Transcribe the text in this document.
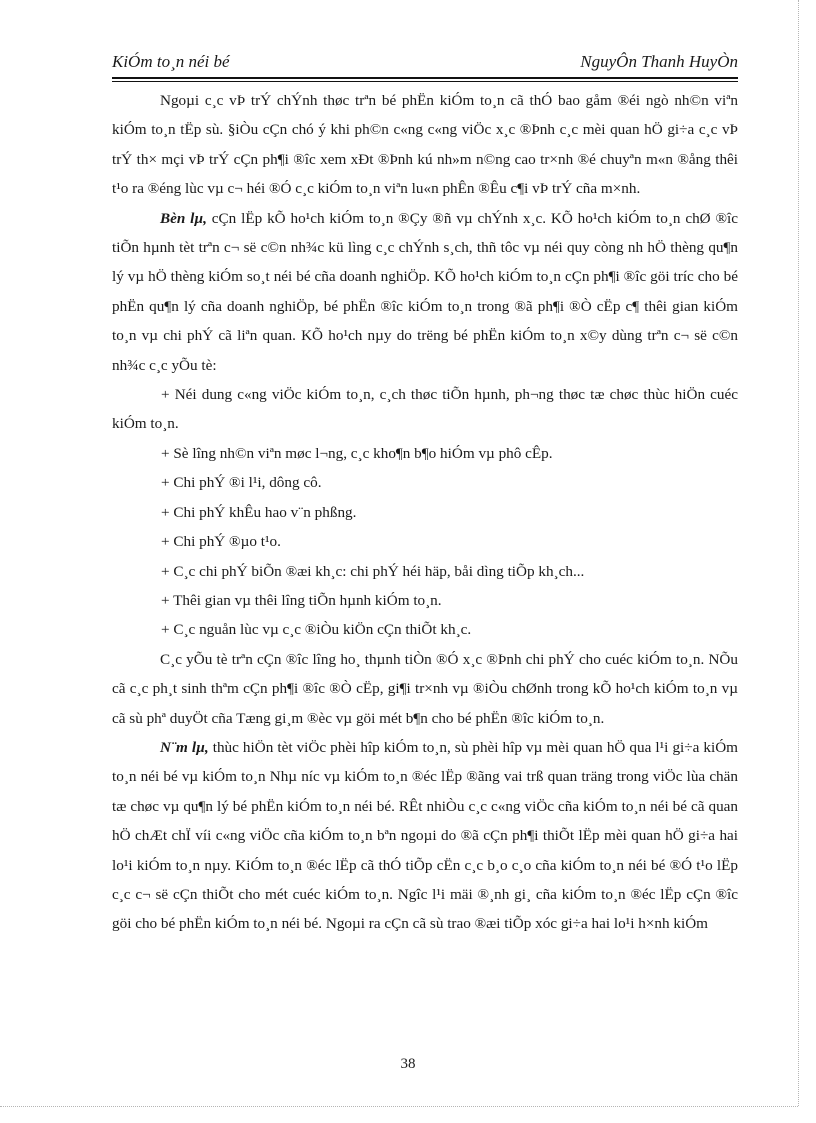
KiÓm to¸n néi bé	NguyÔn Thanh HuyÒn

Ngoµi c¸c vÞ trÝ chÝnh thøc trªn bé phËn kiÓm to¸n cã thÓ bao gåm ®éi ngò nh©n viªn kiÓm to¸n tËp sù. §iÒu cÇn chó ý khi ph©n c«ng c«ng viÖc x¸c ®Þnh c¸c mèi quan hÖ gi÷a c¸c vÞ trÝ th× mçi vÞ trÝ cÇn ph¶i ®îc xem xÐt ®Þnh kú nh»m n©ng cao tr×nh ®é chuyªn m«n ®ång thêi t¹o ra ®éng lùc vµ c¬ héi ®Ó c¸c kiÓm to¸n viªn lu«n phÊn ®Êu c¶i vÞ trÝ cña m×nh.

Bèn lµ, cÇn lËp kÕ ho¹ch kiÓm to¸n ®Çy ®ñ vµ chÝnh x¸c. KÕ ho¹ch kiÓm to¸n chØ ®îc tiÕn hµnh tèt trªn c¬ së c©n nh¾c kü lìng c¸c chÝnh s¸ch, thñ tôc vµ néi quy còng nh hÖ thèng qu¶n lý vµ hÖ thèng kiÓm so¸t néi bé cña doanh nghiÖp. KÕ ho¹ch kiÓm to¸n cÇn ph¶i ®îc göi tríc cho bé phËn qu¶n lý cña doanh nghiÖp, bé phËn ®îc kiÓm to¸n trong ®ã ph¶i ®Ò cËp c¶ thêi gian kiÓm to¸n vµ chi phÝ cã liªn quan. KÕ ho¹ch nµy do trëng bé phËn kiÓm to¸n x©y dùng trªn c¬ së c©n nh¾c c¸c yÕu tè:

+ Néi dung c«ng viÖc kiÓm to¸n, c¸ch thøc tiÕn hµnh, ph¬ng thøc tæ chøc thùc hiÖn cuéc kiÓm to¸n.

+ Sè lîng nh©n viªn møc l¬ng, c¸c kho¶n b¶o hiÓm vµ phô cÊp.

+ Chi phÝ ®i l¹i, dông cô.

+ Chi phÝ khÊu hao v¨n phßng.

+ Chi phÝ ®µo t¹o.

+ C¸c chi phÝ biÕn ®æi kh¸c: chi phÝ héi häp, båi dìng tiÕp kh¸ch...

+ Thêi gian vµ thêi lîng tiÕn hµnh kiÓm to¸n.

+ C¸c nguån lùc vµ c¸c ®iÒu kiÖn cÇn thiÕt kh¸c.

C¸c yÕu tè trªn cÇn ®îc lîng ho¸ thµnh tiÒn ®Ó x¸c ®Þnh chi phÝ cho cuéc kiÓm to¸n. NÕu cã c¸c ph¸t sinh thªm cÇn ph¶i ®îc ®Ò cËp, gi¶i tr×nh vµ ®iÒu chØnh trong kÕ ho¹ch kiÓm to¸n vµ cã sù phª duyÖt cña Tæng gi¸m ®èc vµ göi mét b¶n cho bé phËn ®îc kiÓm to¸n.

N¨m lµ, thùc hiÖn tèt viÖc phèi hîp kiÓm to¸n, sù phèi hîp vµ mèi quan hÖ qua l¹i gi÷a kiÓm to¸n néi bé vµ kiÓm to¸n Nhµ níc vµ kiÓm to¸n ®éc lËp ®ãng vai trß quan träng trong viÖc lùa chän tæ chøc vµ qu¶n lý bé phËn kiÓm to¸n néi bé. RÊt nhiÒu c¸c c«ng viÖc cña kiÓm to¸n néi bé cã quan hÖ chÆt chÏ víi c«ng viÖc cña kiÓm to¸n bªn ngoµi do ®ã cÇn ph¶i thiÕt lËp mèi quan hÖ gi÷a hai lo¹i kiÓm to¸n nµy. KiÓm to¸n ®éc lËp cã thÓ tiÕp cËn c¸c b¸o c¸o cña kiÓm to¸n néi bé ®Ó t¹o lËp c¸c c¬ së cÇn thiÕt cho mét cuéc kiÓm to¸n. Ngîc l¹i mäi ®¸nh gi¸ cña kiÓm to¸n ®éc lËp cÇn ®îc göi cho bé phËn kiÓm to¸n néi bé. Ngoµi ra cÇn cã sù trao ®æi tiÕp xóc gi÷a hai lo¹i h×nh kiÓm

38
